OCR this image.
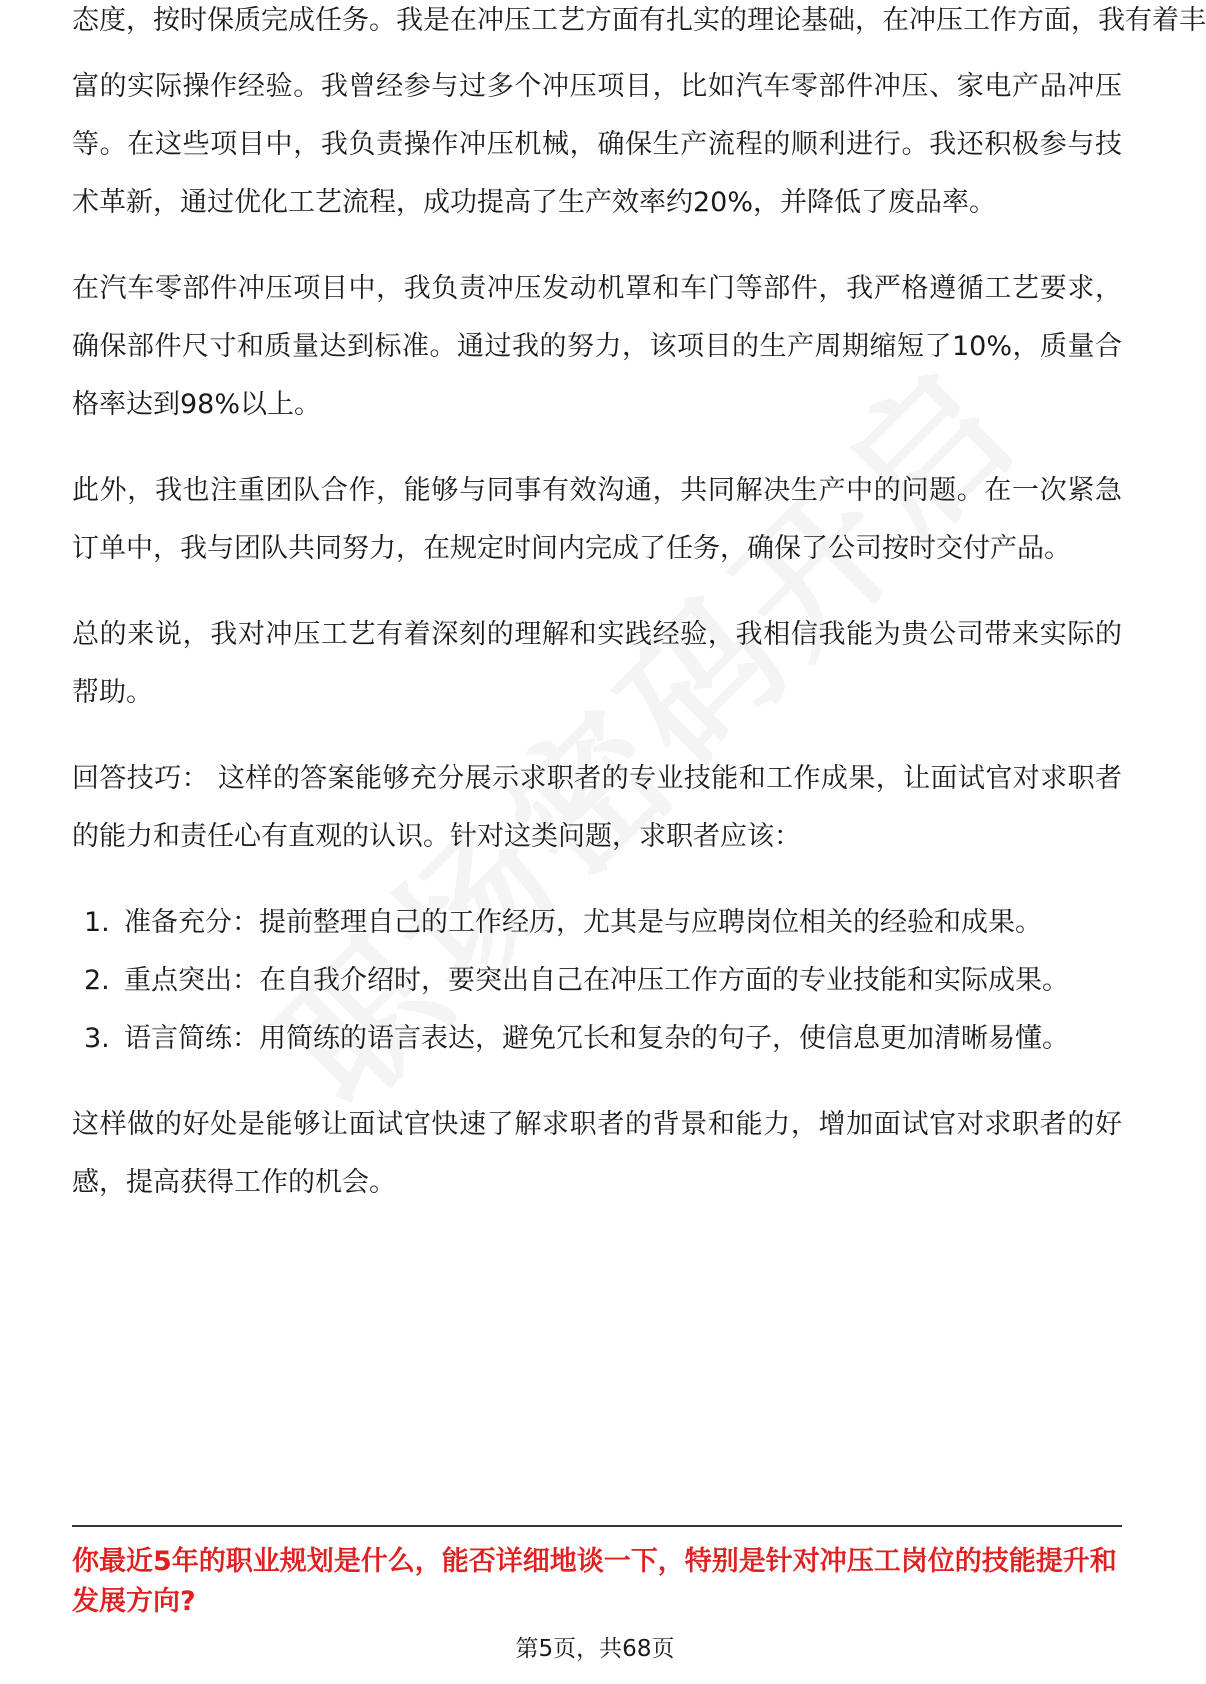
态度，按时保质完成任务。我是在冲压工艺方面有扎实的理论基础，在冲压工作方面，我有着丰

富的实际操作经验。我曾经参与过多个冲压项目，比如汽车零部件冲压、家电产品冲压等。在这些项目中，我负责操作冲压机械，确保生产流程的顺利进行。我还积极参与技术革新，通过优化工艺流程，成功提高了生产效率约20%，并降低了废品率。

在汽车零部件冲压项目中，我负责冲压发动机罩和车门等部件，我严格遵循工艺要求，确保部件尺寸和质量达到标准。通过我的努力，该项目的生产周期缩短了10%，质量合格率达到98%以上。

此外，我也注重团队合作，能够与同事有效沟通，共同解决生产中的问题。在一次紧急订单中，我与团队共同努力，在规定时间内完成了任务，确保了公司按时交付产品。

总的来说，我对冲压工艺有着深刻的理解和实践经验，我相信我能为贵公司带来实际的帮助。

回答技巧： 这样的答案能够充分展示求职者的专业技能和工作成果，让面试官对求职者的能力和责任心有直观的认识。针对这类问题，求职者应该：

1. 准备充分：提前整理自己的工作经历，尤其是与应聘岗位相关的经验和成果。
2. 重点突出：在自我介绍时，要突出自己在冲压工作方面的专业技能和实际成果。
3. 语言简练：用简练的语言表达，避免冗长和复杂的句子，使信息更加清晰易懂。

这样做的好处是能够让面试官快速了解求职者的背景和能力，增加面试官对求职者的好感，提高获得工作的机会。

你最近5年的职业规划是什么，能否详细地谈一下，特别是针对冲压工岗位的技能提升和发展方向?
第5页，共68页
